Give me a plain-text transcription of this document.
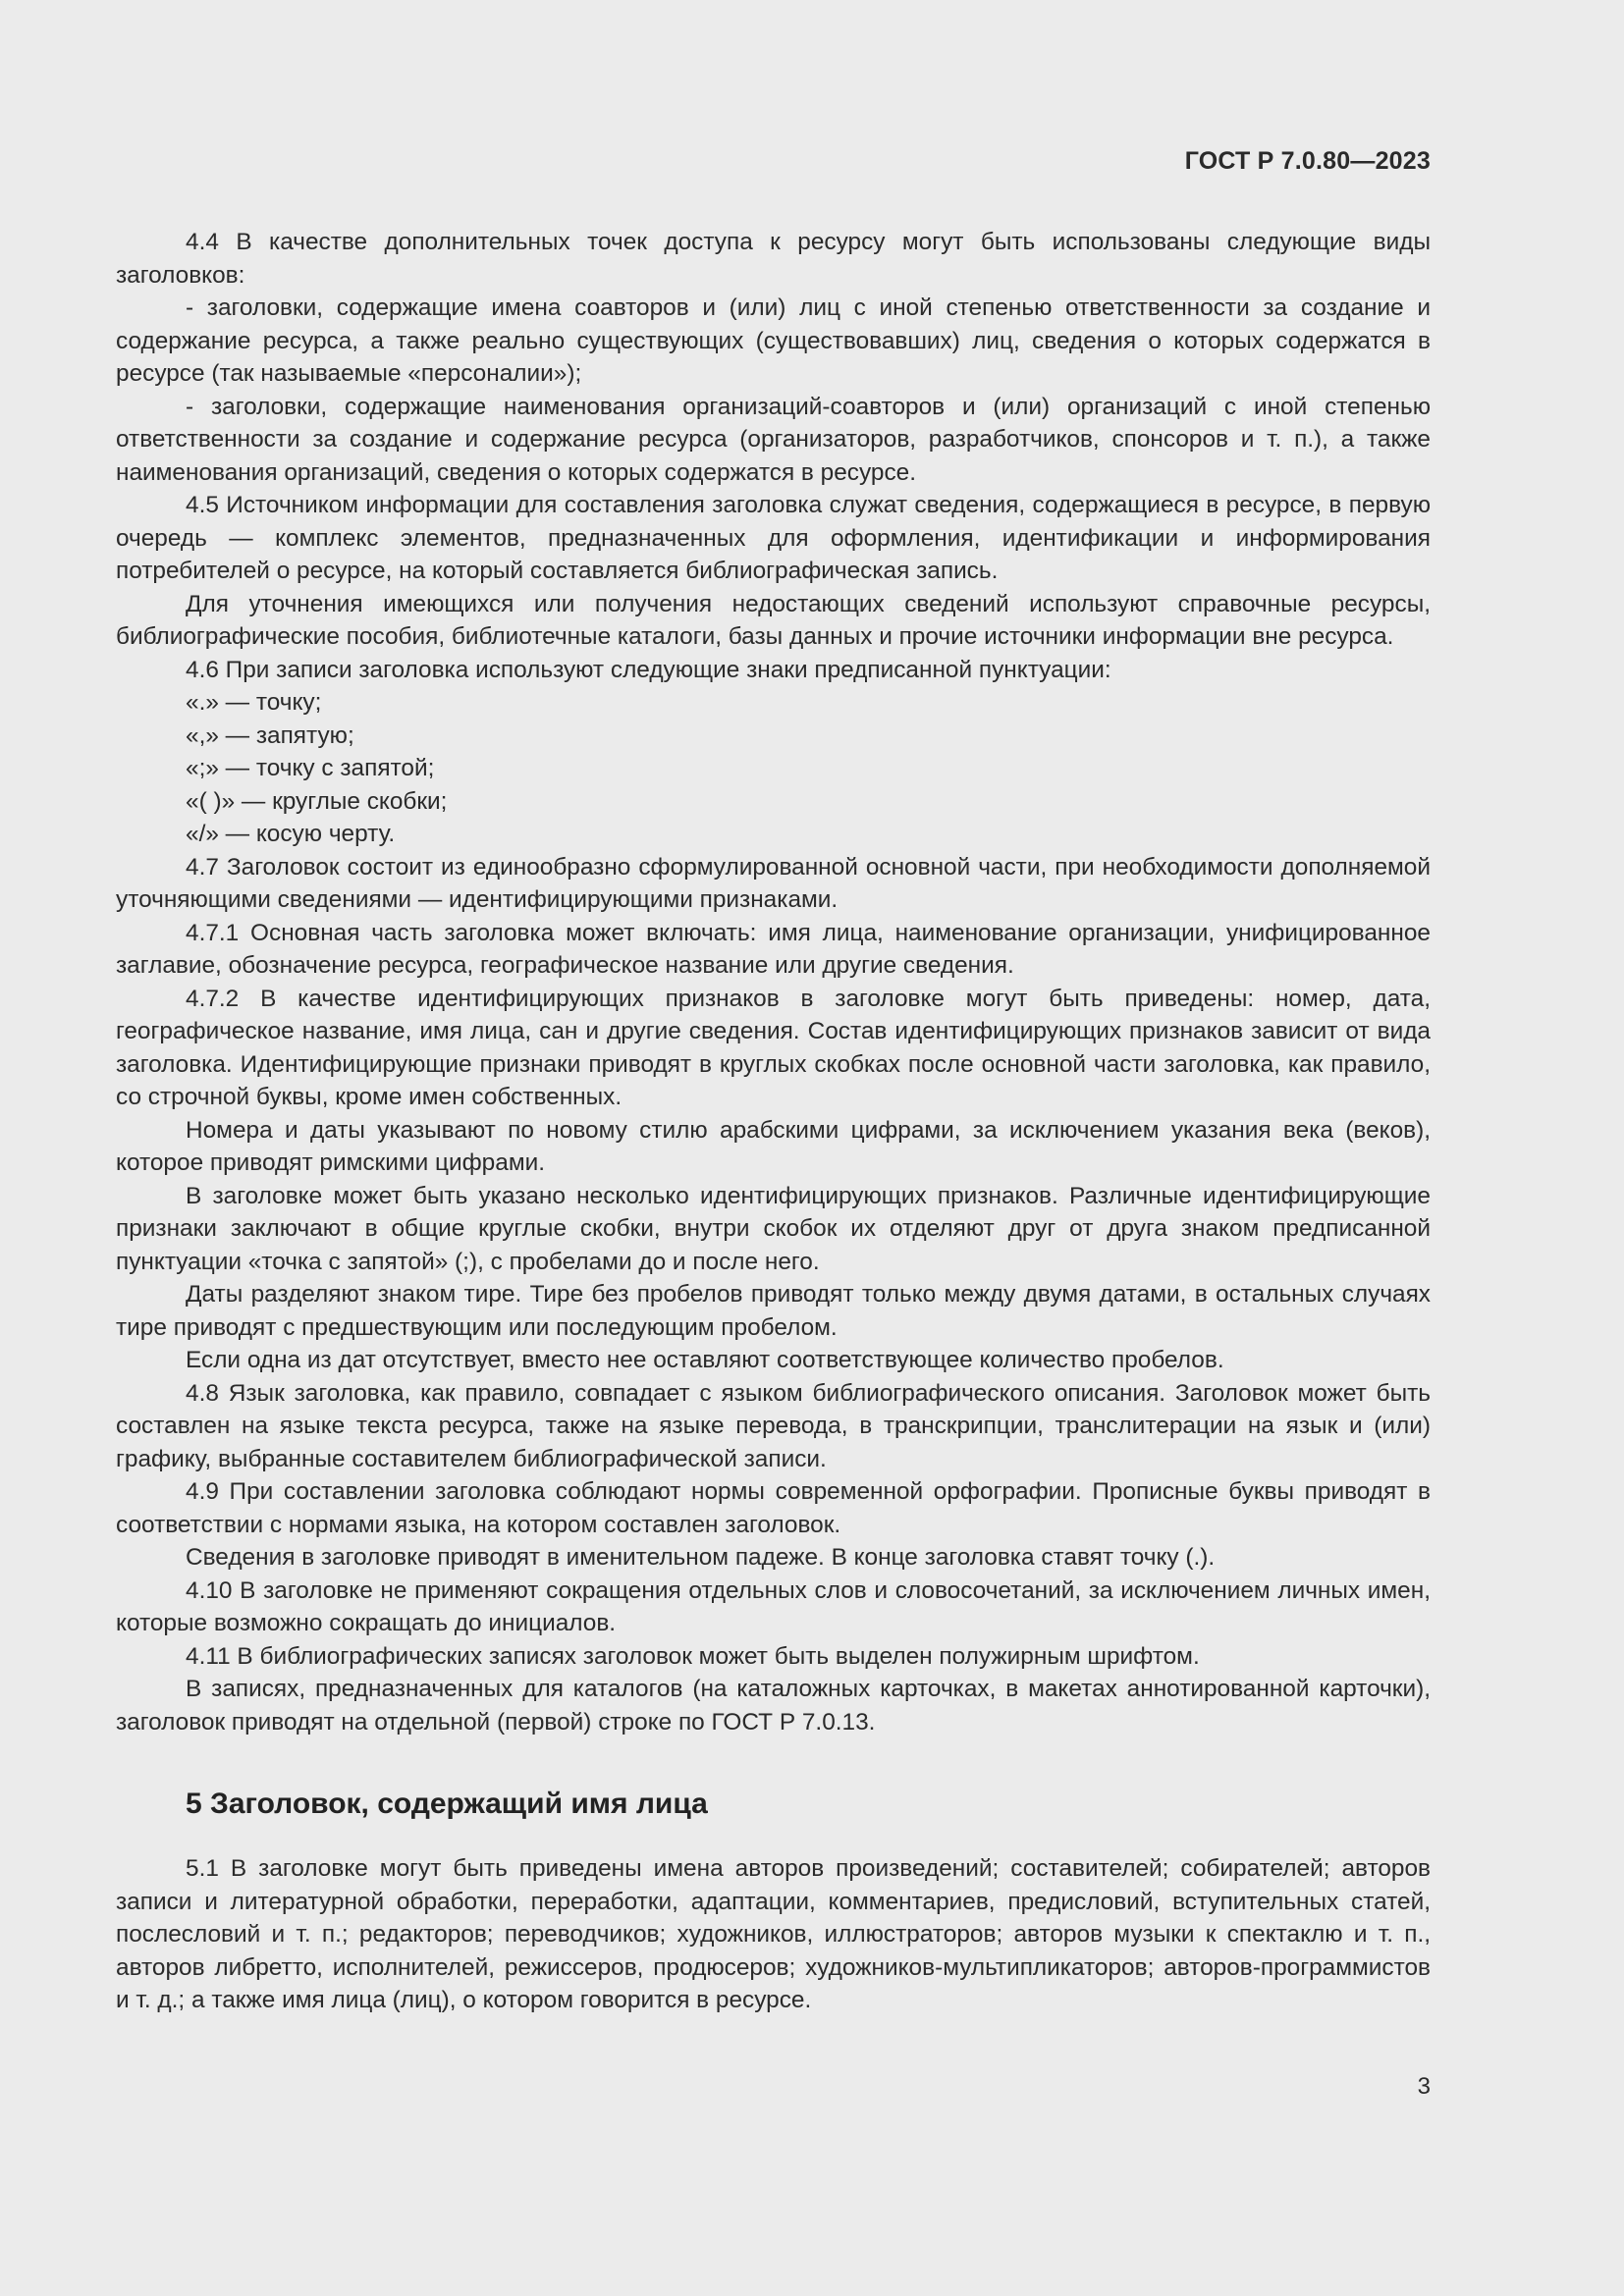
ГОСТ Р 7.0.80—2023

4.4 В качестве дополнительных точек доступа к ресурсу могут быть использованы следующие виды заголовков:

- заголовки, содержащие имена соавторов и (или) лиц с иной степенью ответственности за создание и содержание ресурса, а также реально существующих (существовавших) лиц, сведения о которых содержатся в ресурсе (так называемые «персоналии»);

- заголовки, содержащие наименования организаций-соавторов и (или) организаций с иной степенью ответственности за создание и содержание ресурса (организаторов, разработчиков, спонсоров и т. п.), а также наименования организаций, сведения о которых содержатся в ресурсе.

4.5 Источником информации для составления заголовка служат сведения, содержащиеся в ресурсе, в первую очередь — комплекс элементов, предназначенных для оформления, идентификации и информирования потребителей о ресурсе, на который составляется библиографическая запись.

Для уточнения имеющихся или получения недостающих сведений используют справочные ресурсы, библиографические пособия, библиотечные каталоги, базы данных и прочие источники информации вне ресурса.

4.6 При записи заголовка используют следующие знаки предписанной пунктуации:

«.» — точку;

«,» — запятую;

«;» — точку с запятой;

«( )» — круглые скобки;

«/» — косую черту.

4.7 Заголовок состоит из единообразно сформулированной основной части, при необходимости дополняемой уточняющими сведениями — идентифицирующими признаками.

4.7.1 Основная часть заголовка может включать: имя лица, наименование организации, унифицированное заглавие, обозначение ресурса, географическое название или другие сведения.

4.7.2 В качестве идентифицирующих признаков в заголовке могут быть приведены: номер, дата, географическое название, имя лица, сан и другие сведения. Состав идентифицирующих признаков зависит от вида заголовка. Идентифицирующие признаки приводят в круглых скобках после основной части заголовка, как правило, со строчной буквы, кроме имен собственных.

Номера и даты указывают по новому стилю арабскими цифрами, за исключением указания века (веков), которое приводят римскими цифрами.

В заголовке может быть указано несколько идентифицирующих признаков. Различные идентифицирующие признаки заключают в общие круглые скобки, внутри скобок их отделяют друг от друга знаком предписанной пунктуации «точка с запятой» (;), с пробелами до и после него.

Даты разделяют знаком тире. Тире без пробелов приводят только между двумя датами, в остальных случаях тире приводят с предшествующим или последующим пробелом.

Если одна из дат отсутствует, вместо нее оставляют соответствующее количество пробелов.

4.8 Язык заголовка, как правило, совпадает с языком библиографического описания. Заголовок может быть составлен на языке текста ресурса, также на языке перевода, в транскрипции, транслитерации на язык и (или) графику, выбранные составителем библиографической записи.

4.9 При составлении заголовка соблюдают нормы современной орфографии. Прописные буквы приводят в соответствии с нормами языка, на котором составлен заголовок.

Сведения в заголовке приводят в именительном падеже. В конце заголовка ставят точку (.).

4.10 В заголовке не применяют сокращения отдельных слов и словосочетаний, за исключением личных имен, которые возможно сокращать до инициалов.

4.11 В библиографических записях заголовок может быть выделен полужирным шрифтом.

В записях, предназначенных для каталогов (на каталожных карточках, в макетах аннотированной карточки), заголовок приводят на отдельной (первой) строке по ГОСТ Р 7.0.13.

5 Заголовок, содержащий имя лица

5.1 В заголовке могут быть приведены имена авторов произведений; составителей; собирателей; авторов записи и литературной обработки, переработки, адаптации, комментариев, предисловий, вступительных статей, послесловий и т. п.; редакторов; переводчиков; художников, иллюстраторов; авторов музыки к спектаклю и т. п., авторов либретто, исполнителей, режиссеров, продюсеров; художников-мультипликаторов; авторов-программистов и т. д.; а также имя лица (лиц), о котором говорится в ресурсе.

3
